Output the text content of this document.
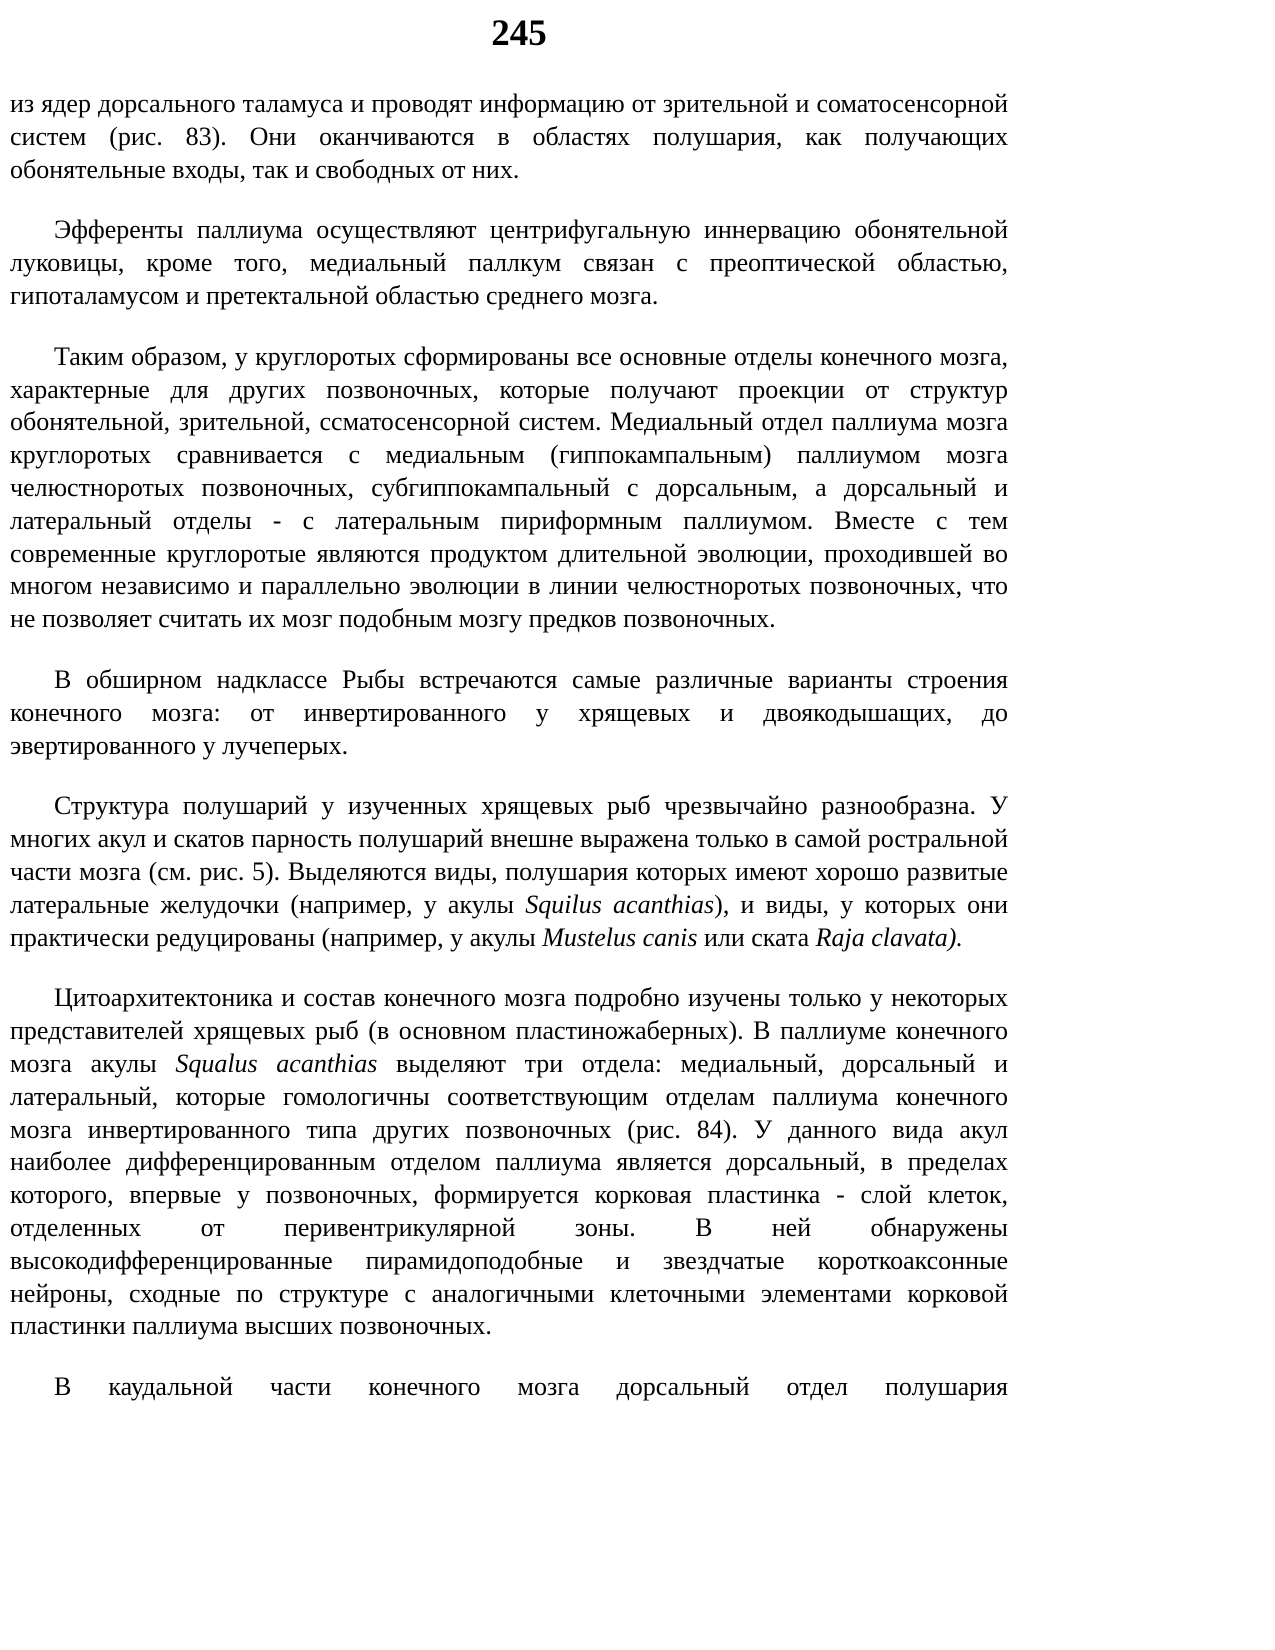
245

из ядер дорсального таламуса и проводят информацию от зрительной и соматосенсорной систем (рис. 83). Они оканчиваются в областях полушария, как получающих обонятельные входы, так и свободных от них.

Эфференты паллиума осуществляют центрифугальную иннервацию обонятельной луковицы, кроме того, медиальный паллкум связан с преоптической областью, гипоталамусом и претектальной областью среднего мозга.

Таким образом, у круглоротых сформированы все основные отделы конечного мозга, характерные для других позвоночных, которые получают проекции от структур обонятельной, зрительной, ссматосенсорной систем. Медиальный отдел паллиума мозга круглоротых сравнивается с медиальным (гиппокампальным) паллиумом мозга челюстноротых позвоночных, субгиппокампальный с дорсальным, а дорсальный и латеральный отделы - с латеральным пириформным паллиумом. Вместе с тем современные круглоротые являются продуктом длительной эволюции, проходившей во многом независимо и параллельно эволюции в линии челюстноротых позвоночных, что не позволяет считать их мозг подобным мозгу предков позвоночных.

В обширном надклассе Рыбы встречаются самые различные варианты строения конечного мозга: от инвертированного у хрящевых и двоякодышащих, до эвертированного у лучеперых.

Структура полушарий у изученных хрящевых рыб чрезвычайно разнообразна. У многих акул и скатов парность полушарий внешне выражена только в самой ростральной части мозга (см. рис. 5). Выделяются виды, полушария которых имеют хорошо развитые латеральные желудочки (например, у акулы Squilus acanthias), и виды, у которых они практически редуцированы (например, у акулы Mustelus canis или ската Raja clavata).

Цитоархитектоника и состав конечного мозга подробно изучены только у некоторых представителей хрящевых рыб (в основном пластиножаберных). В паллиуме конечного мозга акулы Squalus acanthias выделяют три отдела: медиальный, дорсальный и латеральный, которые гомологичны соответствующим отделам паллиума конечного мозга инвертированного типа других позвоночных (рис. 84). У данного вида акул наиболее дифференцированным отделом паллиума является дорсальный, в пределах которого, впервые у позвоночных, формируется корковая пластинка - слой клеток, отделенных от перивентрикулярной зоны. В ней обнаружены высокодифференцированные пирамидоподобные и звездчатые короткоаксонные нейроны, сходные по структуре с аналогичными клеточными элементами корковой пластинки паллиума высших позвоночных.

В каудальной части конечного мозга дорсальный отдел полушария
